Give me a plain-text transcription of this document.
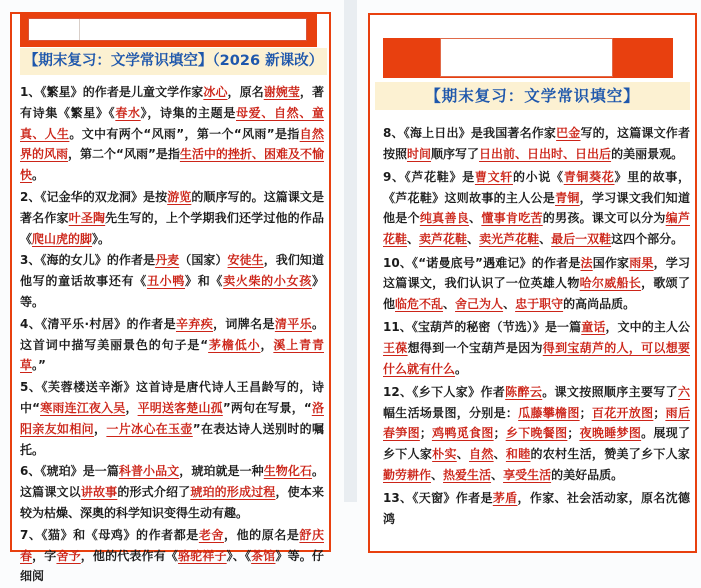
【期末复习：文学常识填空】（2026 新课改）

1、《繁星》的作者是儿童文学作家冰心，原名谢婉莹，著有诗集《繁星》《春水》，诗集的主题是母爱、自然、童真、人生。文中有两个“风雨”，第一个“风雨”是指自然界的风雨，第二个“风雨”是指生活中的挫折、困难及不愉快。

2、《记金华的双龙洞》是按游览的顺序写的。这篇课文是著名作家叶圣陶先生写的，上个学期我们还学过他的作品《爬山虎的脚》。

3、《海的女儿》的作者是丹麦（国家）安徒生，我们知道他写的童话故事还有《丑小鸭》和《卖火柴的小女孩》等。

4、《清平乐·村居》的作者是辛弃疾，词牌名是清平乐。这首词中描写美丽景色的句子是“茅檐低小，溪上青青草。”

5、《芙蓉楼送辛渐》这首诗是唐代诗人王昌龄写的，诗中“寒雨连江夜入吴，平明送客楚山孤”两句在写景，“洛阳亲友如相问，一片冰心在玉壶”在表达诗人送别时的嘱托。

6、《琥珀》是一篇科普小品文，琥珀就是一种生物化石。这篇课文以讲故事的形式介绍了琥珀的形成过程，使本来较为枯燥、深奥的科学知识变得生动有趣。

7、《猫》和《母鸡》的作者都是老舍，他的原名是舒庆春，字舍予，他的代表作有《骆驼祥子》、《茶馆》等。仔细阅

【期末复习：文学常识填空】

8、《海上日出》是我国著名作家巴金写的，这篇课文作者按照时间顺序写了日出前、日出时、日出后的美丽景观。

9、《芦花鞋》是曹文轩的小说《青铜葵花》里的故事，《芦花鞋》这则故事的主人公是青铜，学习课文我们知道他是个纯真善良、懂事肯吃苦的男孩。课文可以分为编芦花鞋、卖芦花鞋、卖光芦花鞋、最后一双鞋这四个部分。

10、《“诺曼底号”遇难记》的作者是法国作家雨果，学习这篇课文，我们认识了一位英雄人物哈尔威船长，歌颂了他临危不乱、舍己为人、忠于职守的高尚品质。

11、《宝葫芦的秘密（节选）》是一篇童话，文中的主人公王葆想得到一个宝葫芦是因为得到宝葫芦的人，可以想要什么就有什么。

12、《乡下人家》作者陈醉云。课文按照顺序主要写了六幅生活场景图，分别是：瓜藤攀檐图；百花开放图；雨后春笋图；鸡鸭觅食图；乡下晚餐图；夜晚睡梦图。展现了乡下人家朴实、自然、和睦的农村生活，赞美了乡下人家勤劳耕作、热爱生活、享受生活的美好品质。

13、《天窗》作者是茅盾，作家、社会活动家，原名沈德鸿
